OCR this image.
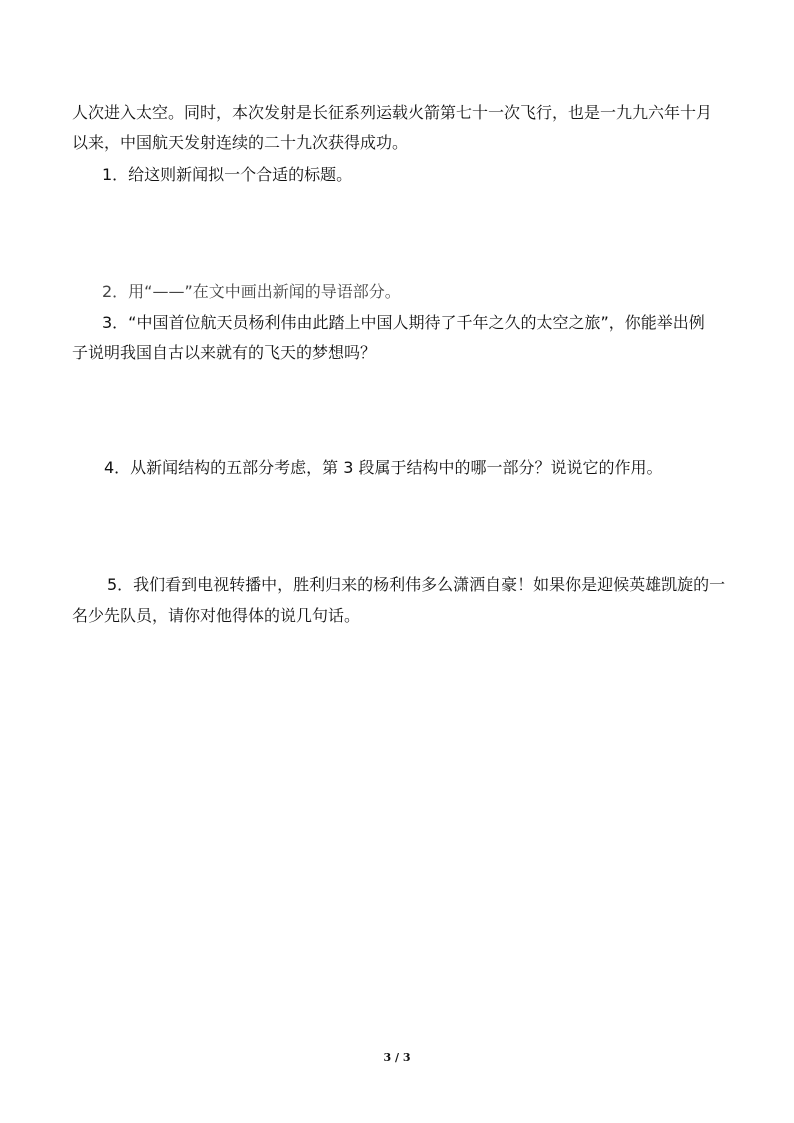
人次进入太空。同时，本次发射是长征系列运载火箭第七十一次飞行，也是一九九六年十月
以来，中国航天发射连续的二十九次获得成功。
1．给这则新闻拟一个合适的标题。
2．用“——”在文中画出新闻的导语部分。
3．“中国首位航天员杨利伟由此踏上中国人期待了千年之久的太空之旅”，你能举出例
子说明我国自古以来就有的飞天的梦想吗？
4．从新闻结构的五部分考虑，第 3 段属于结构中的哪一部分？说说它的作用。
5．我们看到电视转播中，胜利归来的杨利伟多么潇洒自豪！如果你是迎候英雄凯旋的一
名少先队员，请你对他得体的说几句话。
3 / 3
